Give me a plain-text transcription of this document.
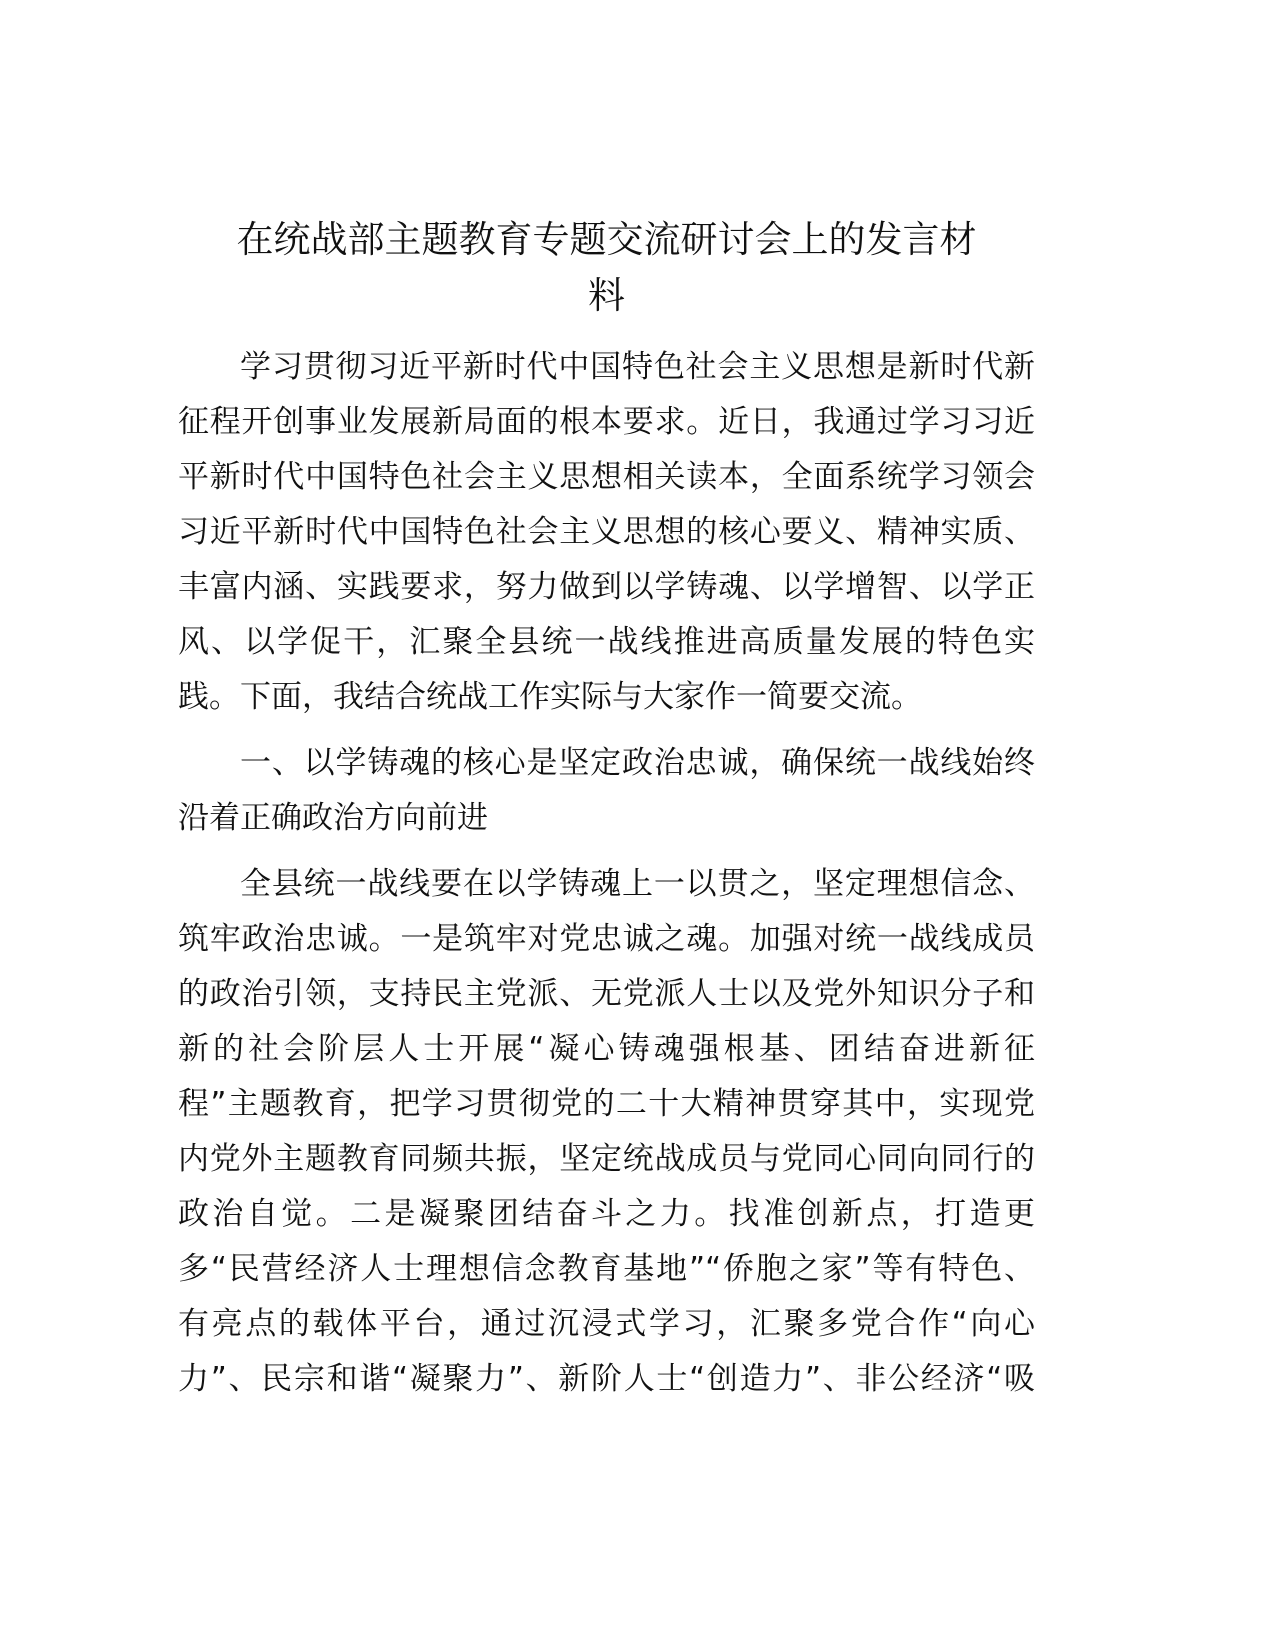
在统战部主题教育专题交流研讨会上的发言材
料
学习贯彻习近平新时代中国特色社会主义思想是新时代新
征程开创事业发展新局面的根本要求。近日，我通过学习习近
平新时代中国特色社会主义思想相关读本，全面系统学习领会
习近平新时代中国特色社会主义思想的核心要义、精神实质、
丰富内涵、实践要求，努力做到以学铸魂、以学增智、以学正
风、以学促干，汇聚全县统一战线推进高质量发展的特色实
践。下面，我结合统战工作实际与大家作一简要交流。
一、以学铸魂的核心是坚定政治忠诚，确保统一战线始终
沿着正确政治方向前进
全县统一战线要在以学铸魂上一以贯之，坚定理想信念、
筑牢政治忠诚。一是筑牢对党忠诚之魂。加强对统一战线成员
的政治引领，支持民主党派、无党派人士以及党外知识分子和
新的社会阶层人士开展“凝心铸魂强根基、团结奋进新征
程”主题教育，把学习贯彻党的二十大精神贯穿其中，实现党
内党外主题教育同频共振，坚定统战成员与党同心同向同行的
政治自觉。二是凝聚团结奋斗之力。找准创新点，打造更
多“民营经济人士理想信念教育基地”“侨胞之家”等有特色、
有亮点的载体平台，通过沉浸式学习，汇聚多党合作“向心
力”、民宗和谐“凝聚力”、新阶人士“创造力”、非公经济“吸
